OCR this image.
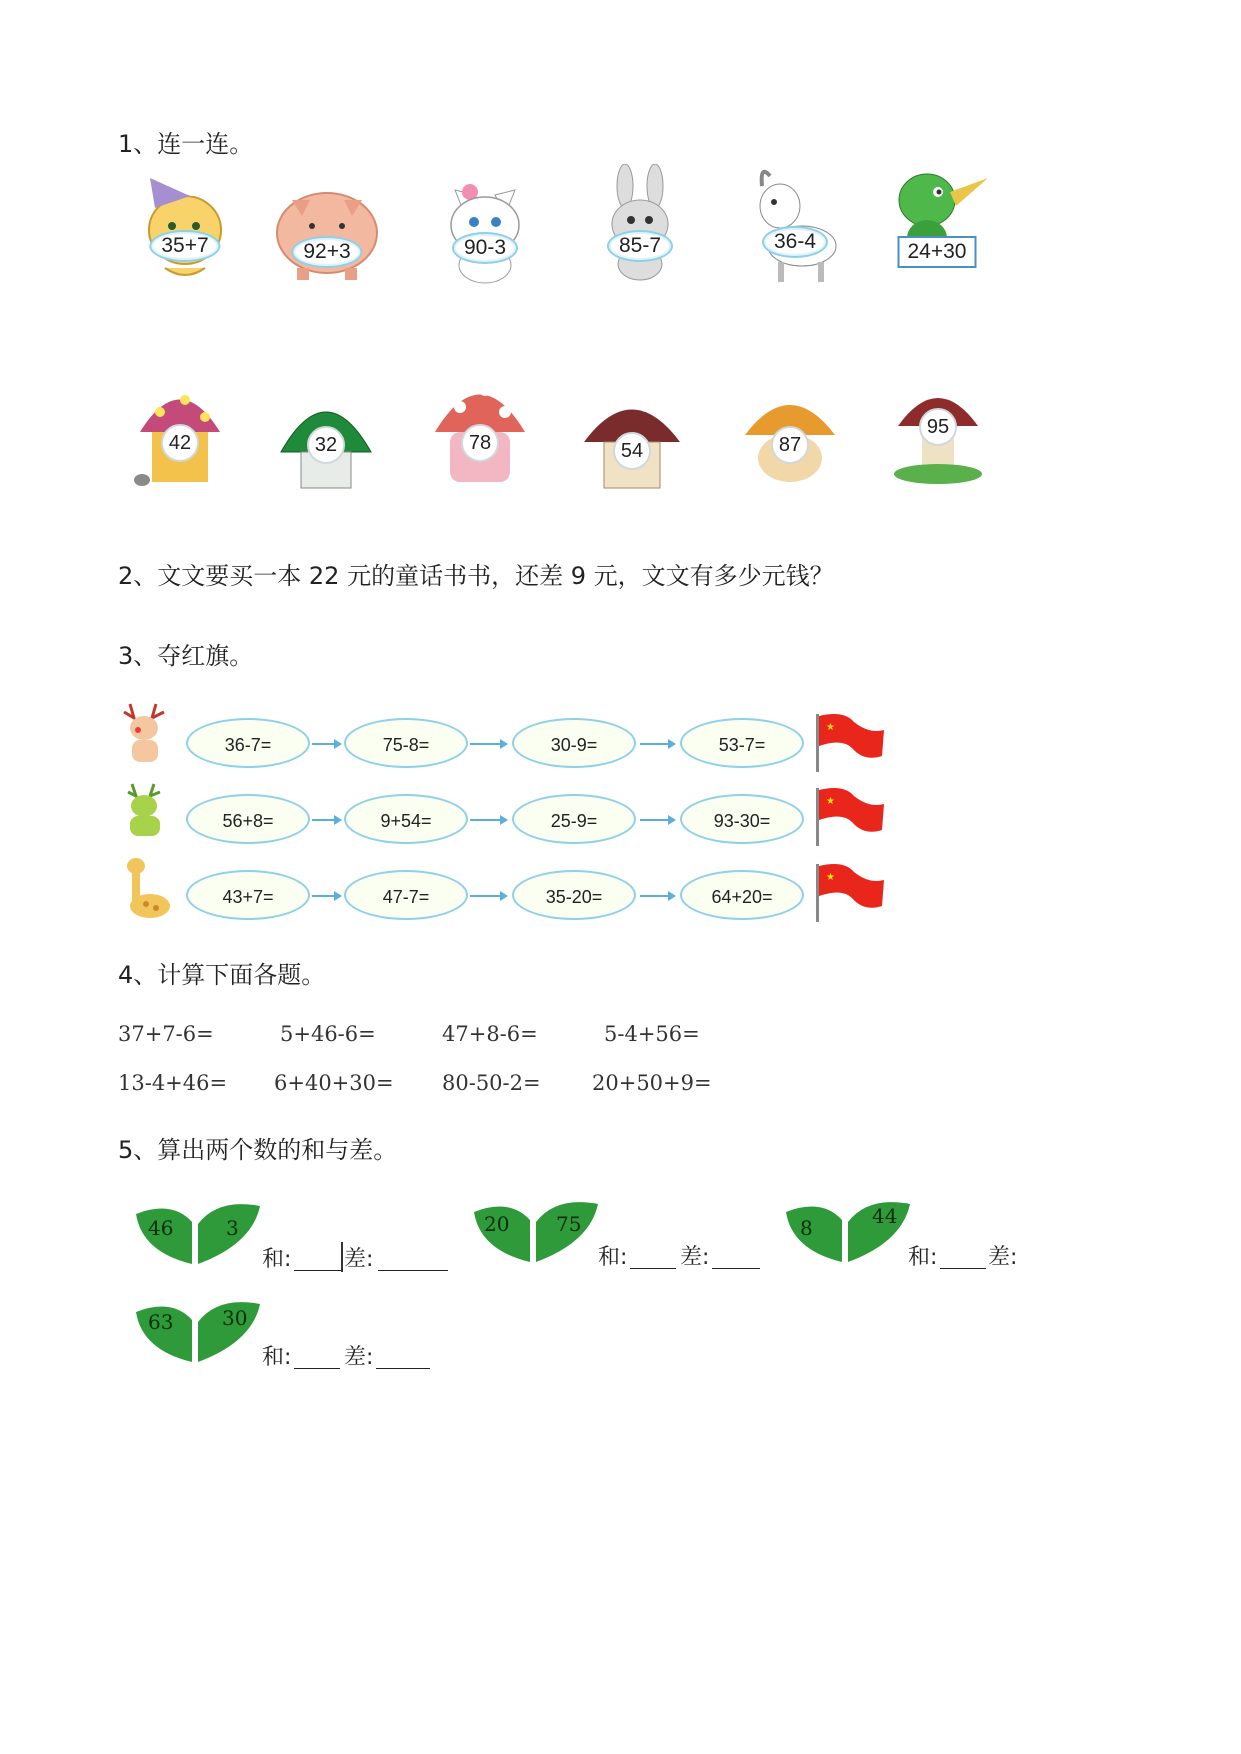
1、连一连。
35+7	92+3	90-3	85-7	36-4	24+30
42	32	78	54	87
95
2、文文要买一本 22 元的童话书书，还差 9 元，文文有多少元钱？
3、夺红旗。
36-7=	75-8=	30-9=	53-7=
★
56+8=	9+54=	25-9=	93-30=
★
43+7=	47-7=	35-20=	64+20=
★
4、计算下面各题。
37+7-6=	5+46-6=	47+8-6=	5-4+56=
13-4+46= 6+40+30= 80-50-2= 20+50+9=
5、算出两个数的和与差。
46	3
和: 差:
20 75
和: 差:
8	44
和: 差:
63 30
和: 差:
